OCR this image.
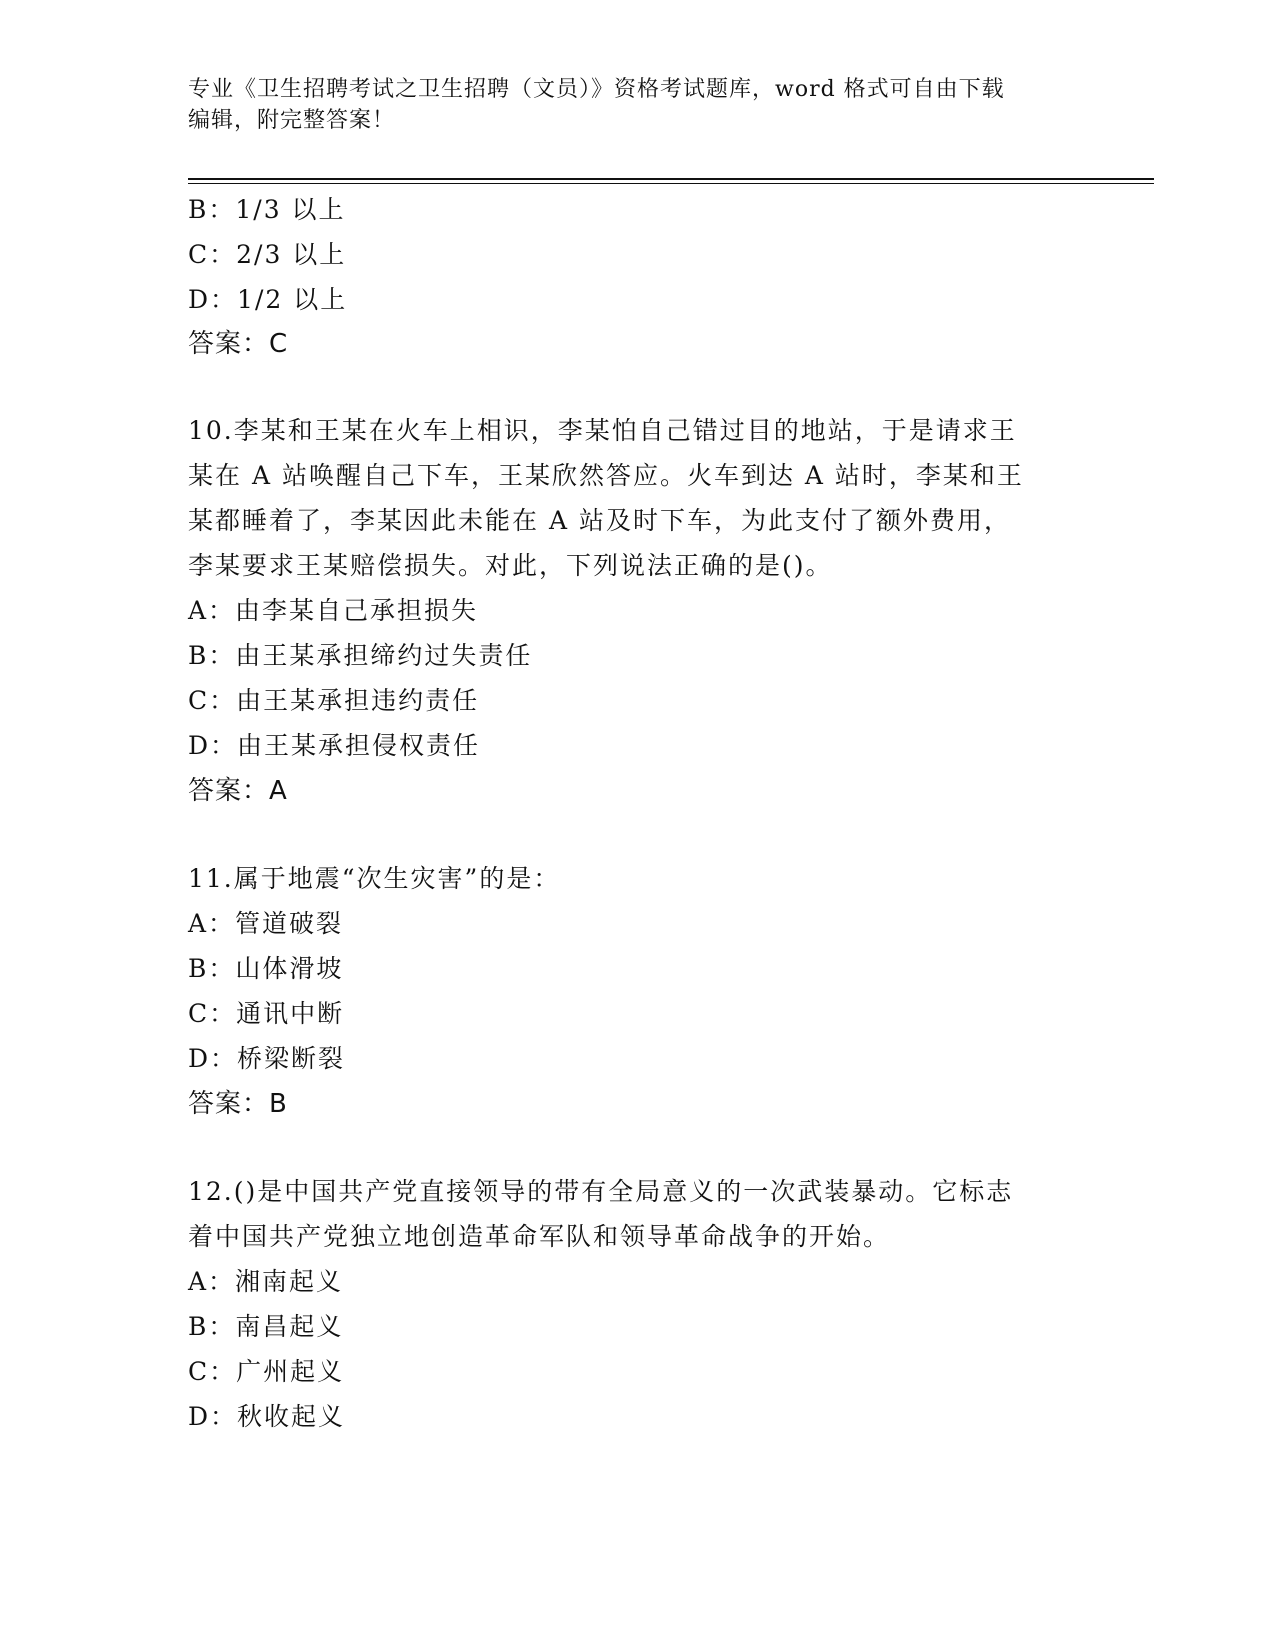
专业《卫生招聘考试之卫生招聘（文员）》资格考试题库，word 格式可自由下载
编辑，附完整答案！
B：1/3 以上
C：2/3 以上
D：1/2 以上
答案：C
10.李某和王某在火车上相识，李某怕自己错过目的地站，于是请求王
某在 A 站唤醒自己下车，王某欣然答应。火车到达 A 站时，李某和王
某都睡着了，李某因此未能在 A 站及时下车，为此支付了额外费用，
李某要求王某赔偿损失。对此，下列说法正确的是()。
A：由李某自己承担损失
B：由王某承担缔约过失责任
C：由王某承担违约责任
D：由王某承担侵权责任
答案：A
11.属于地震“次生灾害”的是：
A：管道破裂
B：山体滑坡
C：通讯中断
D：桥梁断裂
答案：B
12.()是中国共产党直接领导的带有全局意义的一次武装暴动。它标志
着中国共产党独立地创造革命军队和领导革命战争的开始。
A：湘南起义
B：南昌起义
C：广州起义
D：秋收起义
